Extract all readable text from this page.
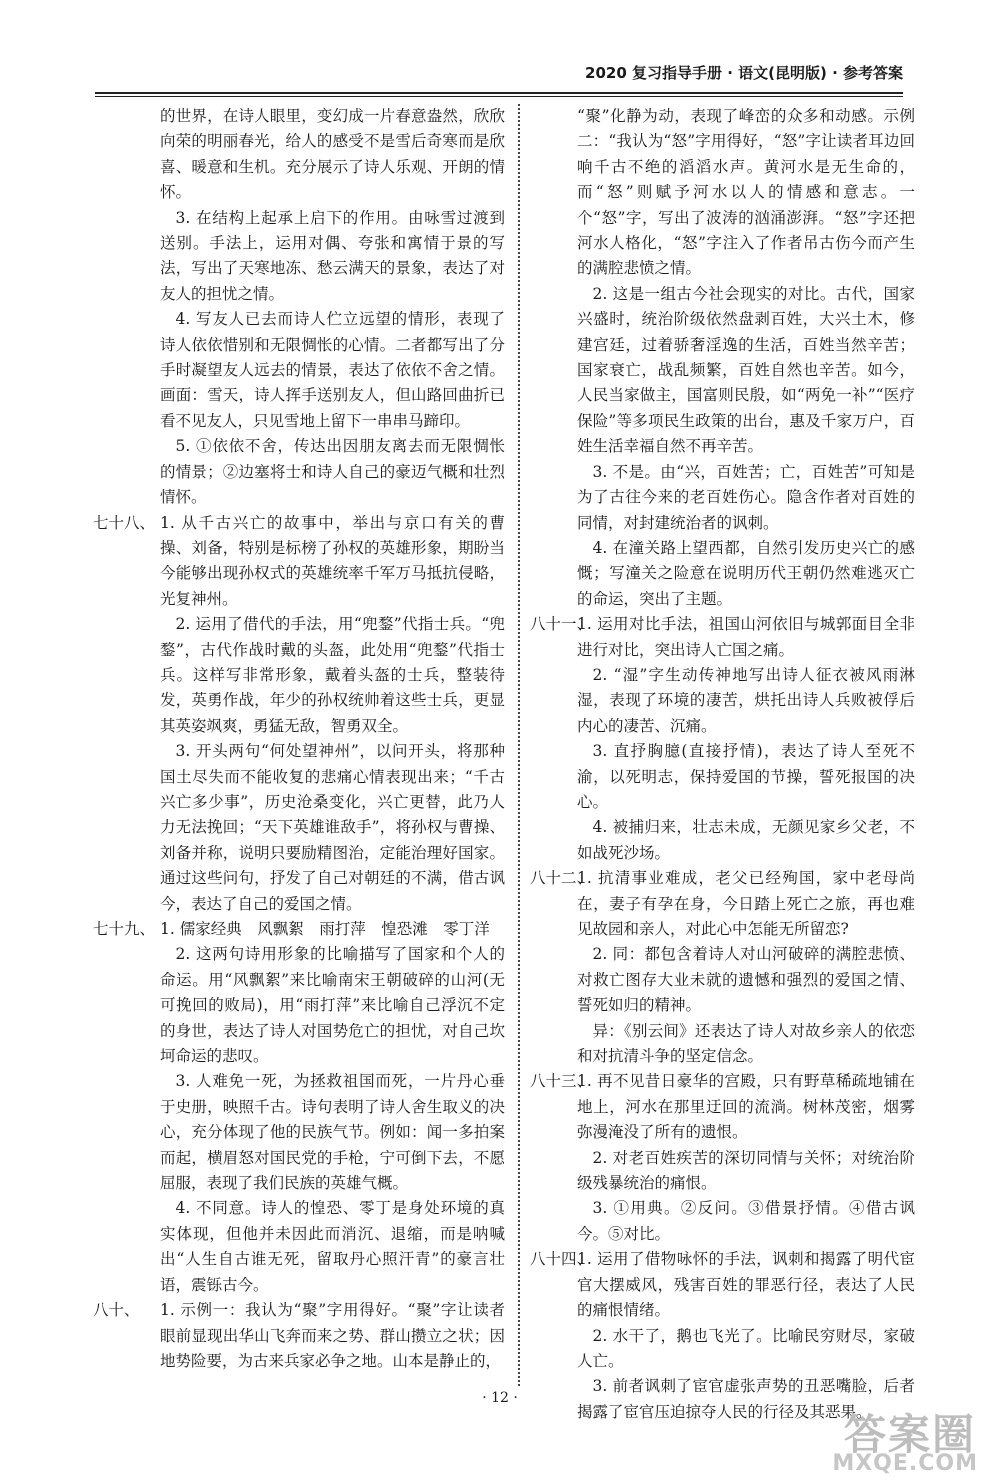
2020 复习指导手册 · 语文(昆明版) · 参考答案

的世界，在诗人眼里，变幻成一片春意盎然，欣欣向荣的明丽春光，给人的感受不是雪后奇寒而是欣喜、暖意和生机。充分展示了诗人乐观、开朗的情怀。

3. 在结构上起承上启下的作用。由咏雪过渡到送别。手法上，运用对偶、夸张和寓情于景的写法，写出了天寒地冻、愁云满天的景象，表达了对友人的担忧之情。

4. 写友人已去而诗人伫立远望的情形，表现了诗人依依惜别和无限惆怅的心情。二者都写出了分手时凝望友人远去的情景，表达了依依不舍之情。画面：雪天，诗人挥手送别友人，但山路回曲折已看不见友人，只见雪地上留下一串串马蹄印。

5. ①依依不舍，传达出因朋友离去而无限惆怅的情景；②边塞将士和诗人自己的豪迈气概和壮烈情怀。

七十八、 1. 从千古兴亡的故事中，举出与京口有关的曹操、刘备，特别是标榜了孙权的英雄形象，期盼当今能够出现孙权式的英雄统率千军万马抵抗侵略，光复神州。

2. 运用了借代的手法，用“兜鍪”代指士兵。“兜鍪”，古代作战时戴的头盔，此处用“兜鍪”代指士兵。这样写非常形象，戴着头盔的士兵，整装待发，英勇作战，年少的孙权统帅着这些士兵，更显其英姿飒爽，勇猛无敌，智勇双全。

3. 开头两句“何处望神州”，以问开头，将那种国土尽失而不能收复的悲痛心情表现出来；“千古兴亡多少事”，历史沧桑变化，兴亡更替，此乃人力无法挽回；“天下英雄谁敌手”，将孙权与曹操、刘备并称，说明只要励精图治，定能治理好国家。通过这些问句，抒发了自己对朝廷的不满，借古讽今，表达了自己的爱国之情。

七十九、 1. 儒家经典　风飘絮　雨打萍　惶恐滩　零丁洋

2. 这两句诗用形象的比喻描写了国家和个人的命运。用“风飘絮”来比喻南宋王朝破碎的山河(无可挽回的败局)，用“雨打萍”来比喻自己浮沉不定的身世，表达了诗人对国势危亡的担忧，对自己坎坷命运的悲叹。

3. 人难免一死，为拯救祖国而死，一片丹心垂于史册，映照千古。诗句表明了诗人舍生取义的决心，充分体现了他的民族气节。例如：闻一多拍案而起，横眉怒对国民党的手枪，宁可倒下去，不愿屈服，表现了我们民族的英雄气概。

4. 不同意。诗人的惶恐、零丁是身处环境的真实体现，但他并未因此而消沉、退缩，而是呐喊出“人生自古谁无死，留取丹心照汗青”的豪言壮语，震铄古今。

八十、	1. 示例一：我认为“聚”字用得好。“聚”字让读者眼前显现出华山飞奔而来之势、群山攒立之状；因地势险要，为古来兵家必争之地。山本是静止的，

“聚”化静为动，表现了峰峦的众多和动感。示例二：“我认为“怒”字用得好，“怒”字让读者耳边回响千古不绝的滔滔水声。黄河水是无生命的，而“怒”则赋予河水以人的情感和意志。一个“怒”字，写出了波涛的汹涌澎湃。“怒”字还把河水人格化，“怒”字注入了作者吊古伤今而产生的满腔悲愤之情。

2. 这是一组古今社会现实的对比。古代，国家兴盛时，统治阶级依然盘剥百姓，大兴土木，修建宫廷，过着骄奢淫逸的生活，百姓当然辛苦；国家衰亡，战乱频繁，百姓自然也辛苦。如今，人民当家做主，国富则民殷，如“两免一补”“医疗保险”等多项民生政策的出台，惠及千家万户，百姓生活幸福自然不再辛苦。

3. 不是。由“兴，百姓苦；亡，百姓苦”可知是为了古往今来的老百姓伤心。隐含作者对百姓的同情，对封建统治者的讽刺。

4. 在潼关路上望西都，自然引发历史兴亡的感慨；写潼关之险意在说明历代王朝仍然难逃灭亡的命运，突出了主题。

八十一、

1. 运用对比手法，祖国山河依旧与城郭面目全非进行对比，突出诗人亡国之痛。

2. “湿”字生动传神地写出诗人征衣被风雨淋湿，表现了环境的凄苦，烘托出诗人兵败被俘后内心的凄苦、沉痛。

3. 直抒胸臆(直接抒情)，表达了诗人至死不渝，以死明志，保持爱国的节操，誓死报国的决心。

4. 被捕归来，壮志未成，无颜见家乡父老，不如战死沙场。

八十二、

1. 抗清事业难成，老父已经殉国，家中老母尚在，妻子有孕在身，今日踏上死亡之旅，再也难见故园和亲人，对此心中怎能无所留恋?

2. 同：都包含着诗人对山河破碎的满腔悲愤、对救亡图存大业未就的遗憾和强烈的爱国之情、誓死如归的精神。

异：《别云间》还表达了诗人对故乡亲人的依恋和对抗清斗争的坚定信念。

八十三、

1. 再不见昔日豪华的宫殿，只有野草稀疏地铺在地上，河水在那里迂回的流淌。树林茂密，烟雾弥漫淹没了所有的遗恨。

2. 对老百姓疾苦的深切同情与关怀；对统治阶级残暴统治的痛恨。

3. ①用典。②反问。③借景抒情。④借古讽今。⑤对比。

八十四、

1. 运用了借物咏怀的手法，讽刺和揭露了明代宦官大摆威风，残害百姓的罪恶行径，表达了人民的痛恨情绪。

2. 水干了，鹅也飞光了。比喻民穷财尽，家破人亡。

3. 前者讽刺了宦官虚张声势的丑恶嘴脸，后者揭露了宦官压迫掠夺人民的行径及其恶果。

· 12 ·
答案圈
MXQE.COM
